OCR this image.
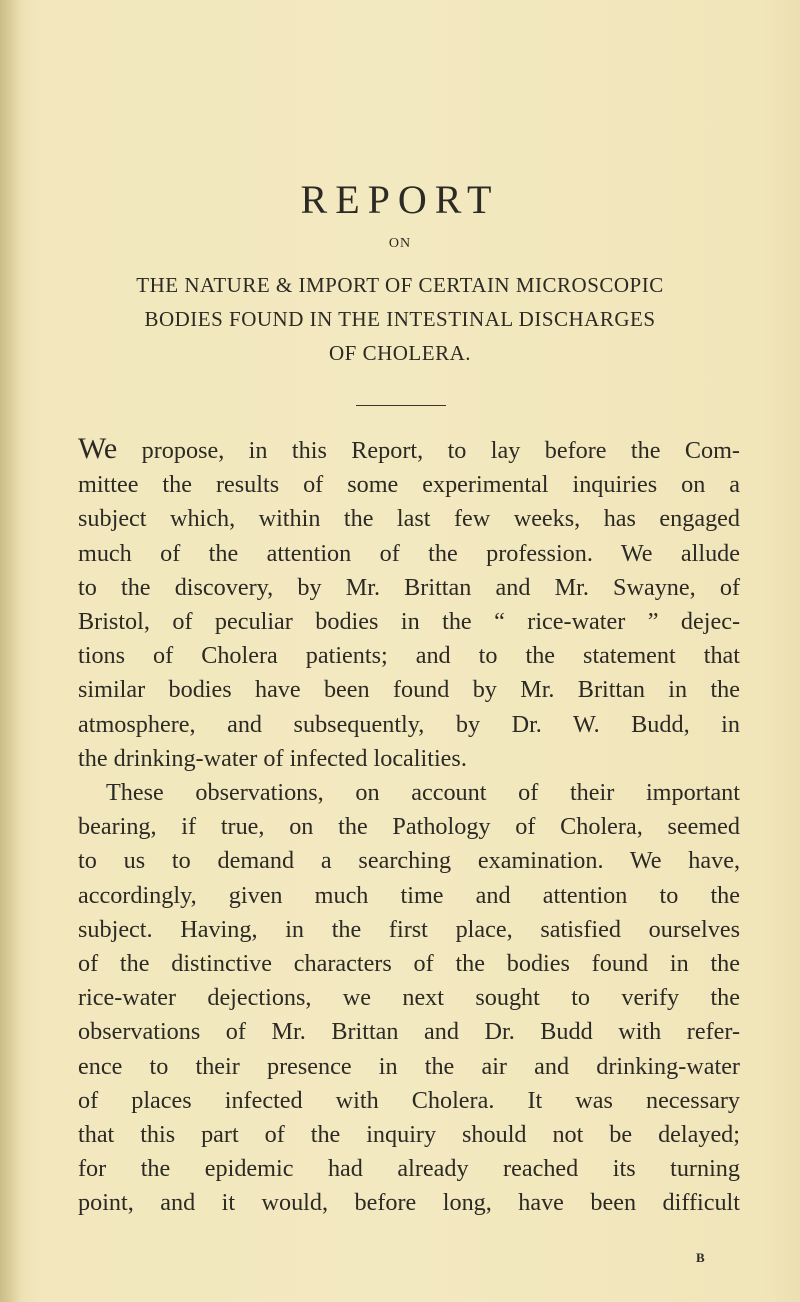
REPORT
ON
THE NATURE & IMPORT OF CERTAIN MICROSCOPIC
BODIES FOUND IN THE INTESTINAL DISCHARGES
OF CHOLERA.
We propose, in this Report, to lay before the Com-
mittee the results of some experimental inquiries on a
subject which, within the last few weeks, has engaged
much of the attention of the profession. We allude
to the discovery, by Mr. Brittan and Mr. Swayne, of
Bristol, of peculiar bodies in the “ rice-water ” dejec-
tions of Cholera patients; and to the statement that
similar bodies have been found by Mr. Brittan in the
atmosphere, and subsequently, by Dr. W. Budd, in
the drinking-water of infected localities.
These observations, on account of their important
bearing, if true, on the Pathology of Cholera, seemed
to us to demand a searching examination. We have,
accordingly, given much time and attention to the
subject. Having, in the first place, satisfied ourselves
of the distinctive characters of the bodies found in the
rice-water dejections, we next sought to verify the
observations of Mr. Brittan and Dr. Budd with refer-
ence to their presence in the air and drinking-water
of places infected with Cholera. It was necessary
that this part of the inquiry should not be delayed;
for the epidemic had already reached its turning
point, and it would, before long, have been difficult
B
